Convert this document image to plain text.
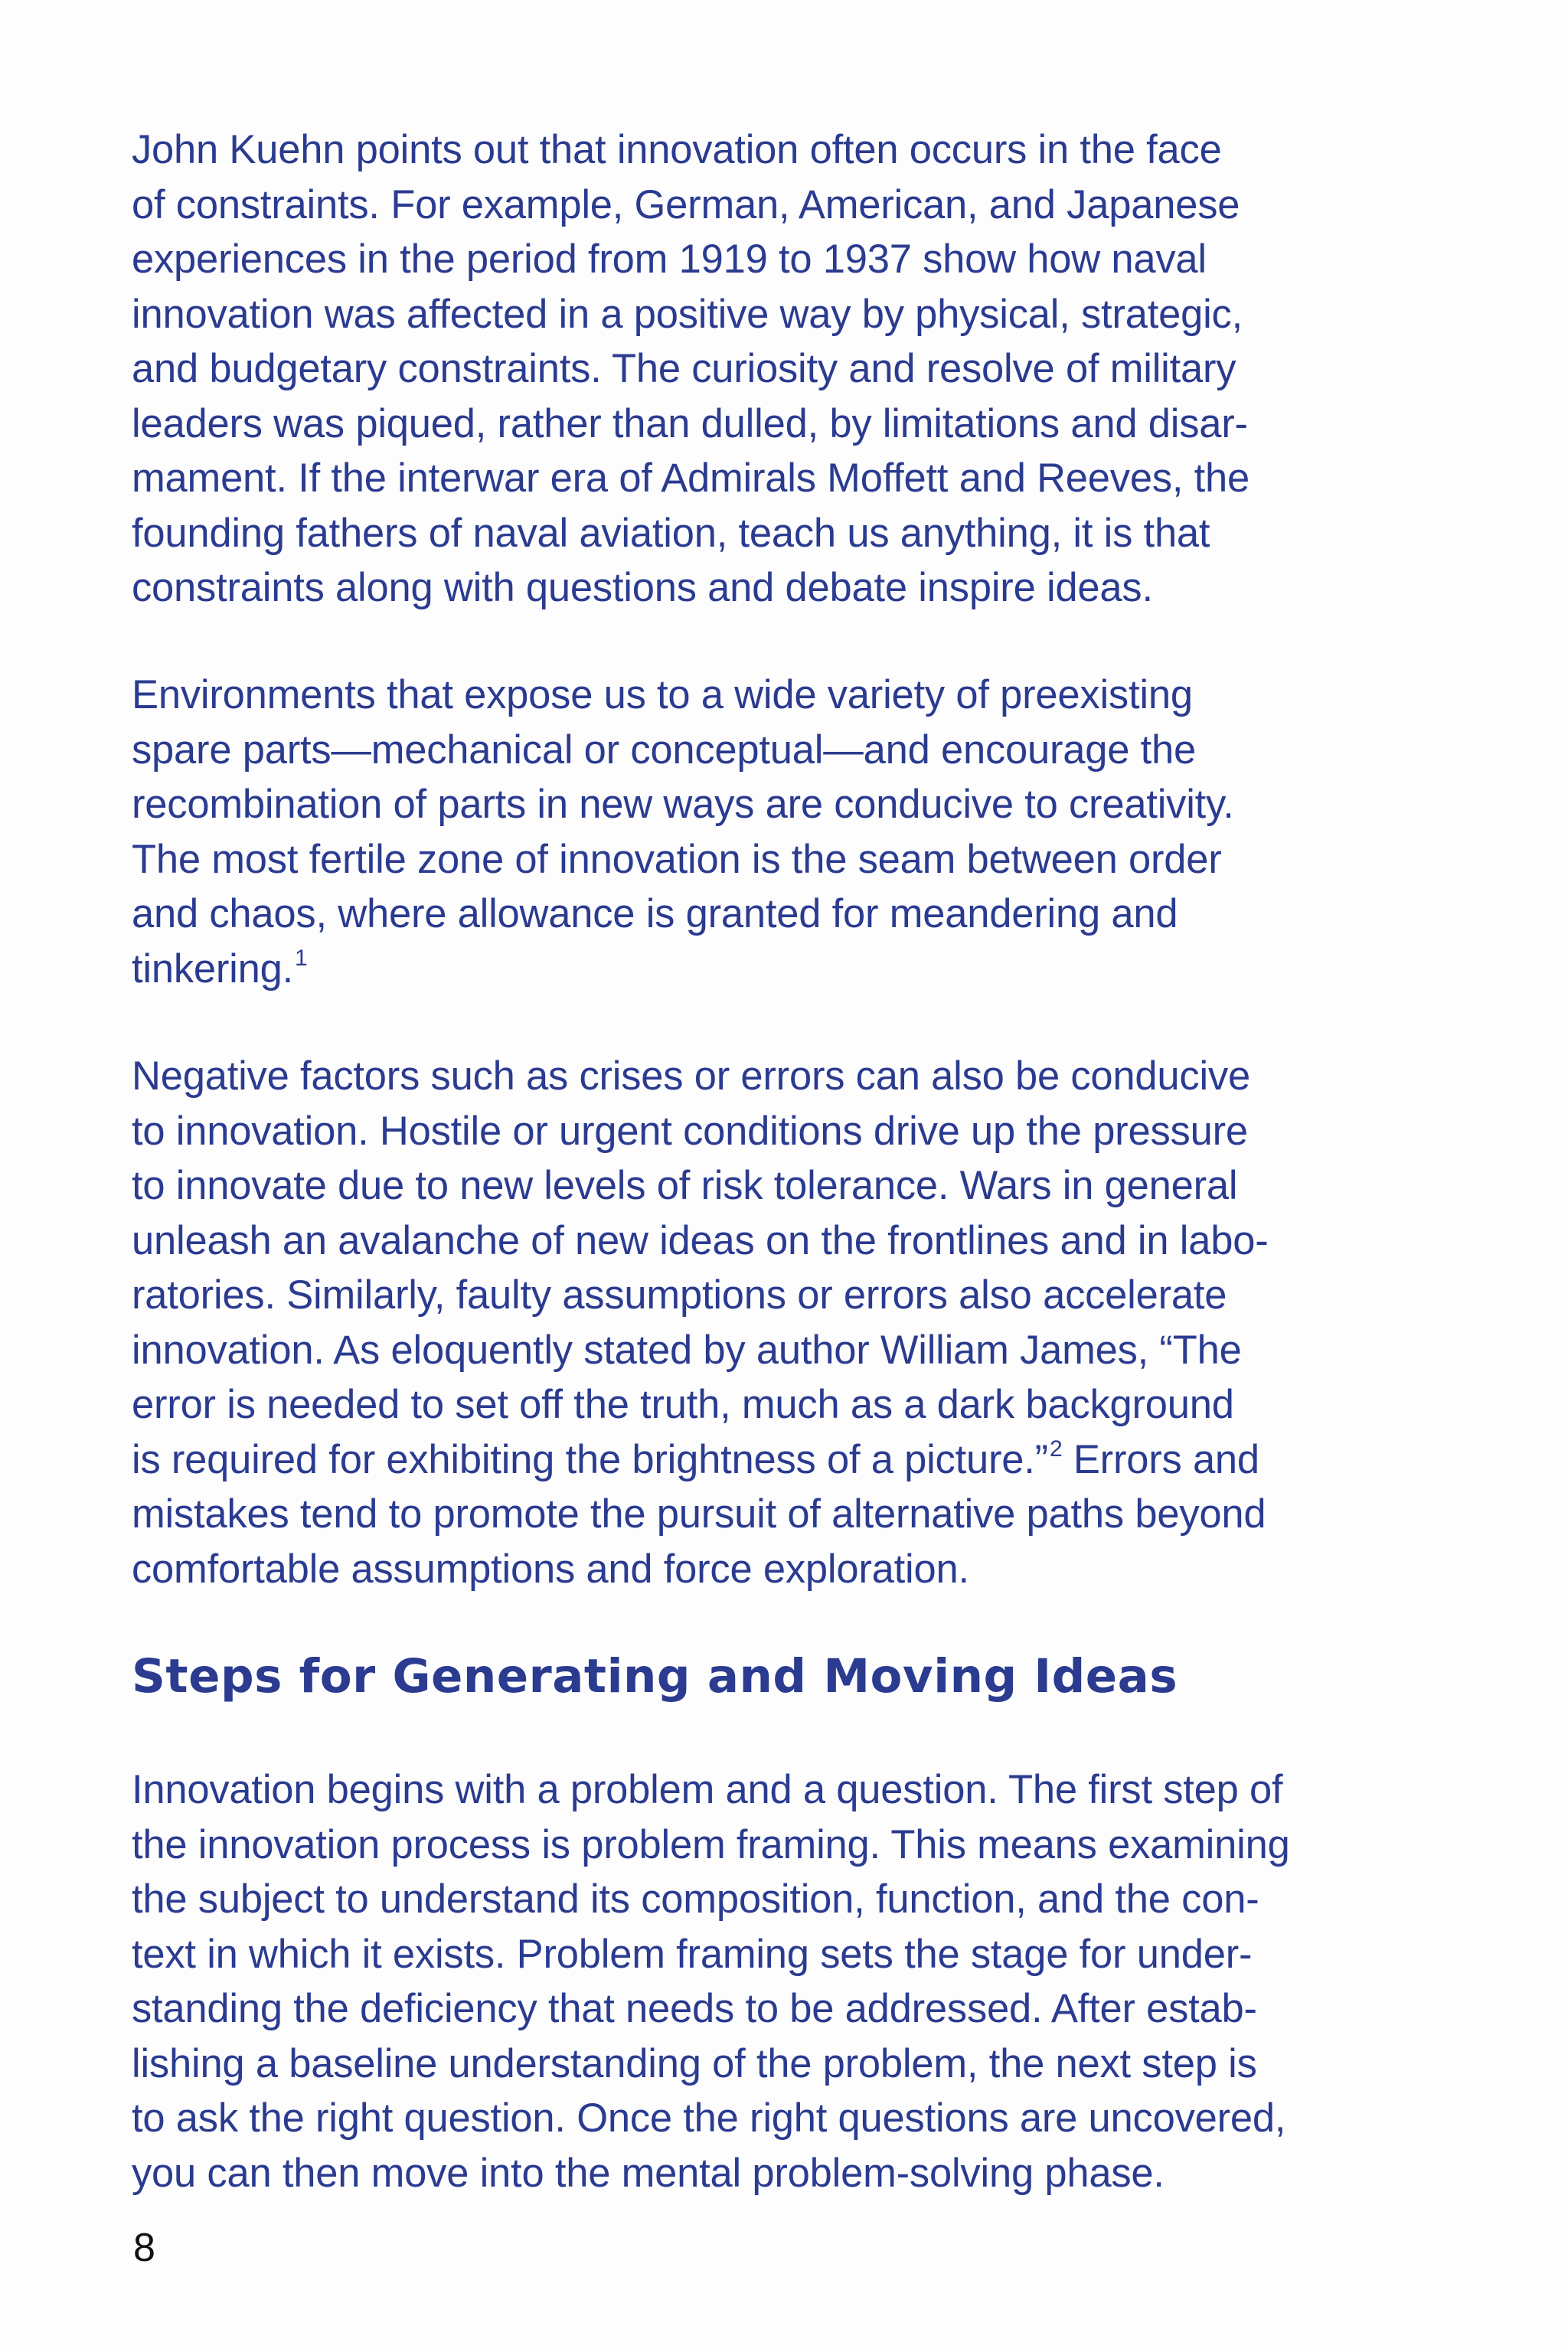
John Kuehn points out that innovation often occurs in the face
of constraints. For example, German, American, and Japanese
experiences in the period from 1919 to 1937 show how naval
innovation was affected in a positive way by physical, strategic,
and budgetary constraints. The curiosity and resolve of military
leaders was piqued, rather than dulled, by limitations and disar-
mament. If the interwar era of Admirals Moffett and Reeves, the
founding fathers of naval aviation, teach us anything, it is that
constraints along with questions and debate inspire ideas.

Environments that expose us to a wide variety of preexisting
spare parts—mechanical or conceptual—and encourage the
recombination of parts in new ways are conducive to creativity.
The most fertile zone of innovation is the seam between order
and chaos, where allowance is granted for meandering and
tinkering.$^1$

Negative factors such as crises or errors can also be conducive
to innovation. Hostile or urgent conditions drive up the pressure
to innovate due to new levels of risk tolerance. Wars in general
unleash an avalanche of new ideas on the frontlines and in labo-
ratories. Similarly, faulty assumptions or errors also accelerate
innovation. As eloquently stated by author William James, “The
error is needed to set off the truth, much as a dark background
is required for exhibiting the brightness of a picture.”$^2$ Errors and
mistakes tend to promote the pursuit of alternative paths beyond
comfortable assumptions and force exploration.

Steps for Generating and Moving Ideas

Innovation begins with a problem and a question. The first step of
the innovation process is problem framing. This means examining
the subject to understand its composition, function, and the con-
text in which it exists. Problem framing sets the stage for under-
standing the deficiency that needs to be addressed. After estab-
lishing a baseline understanding of the problem, the next step is
to ask the right question. Once the right questions are uncovered,
you can then move into the mental problem-solving phase.

8
